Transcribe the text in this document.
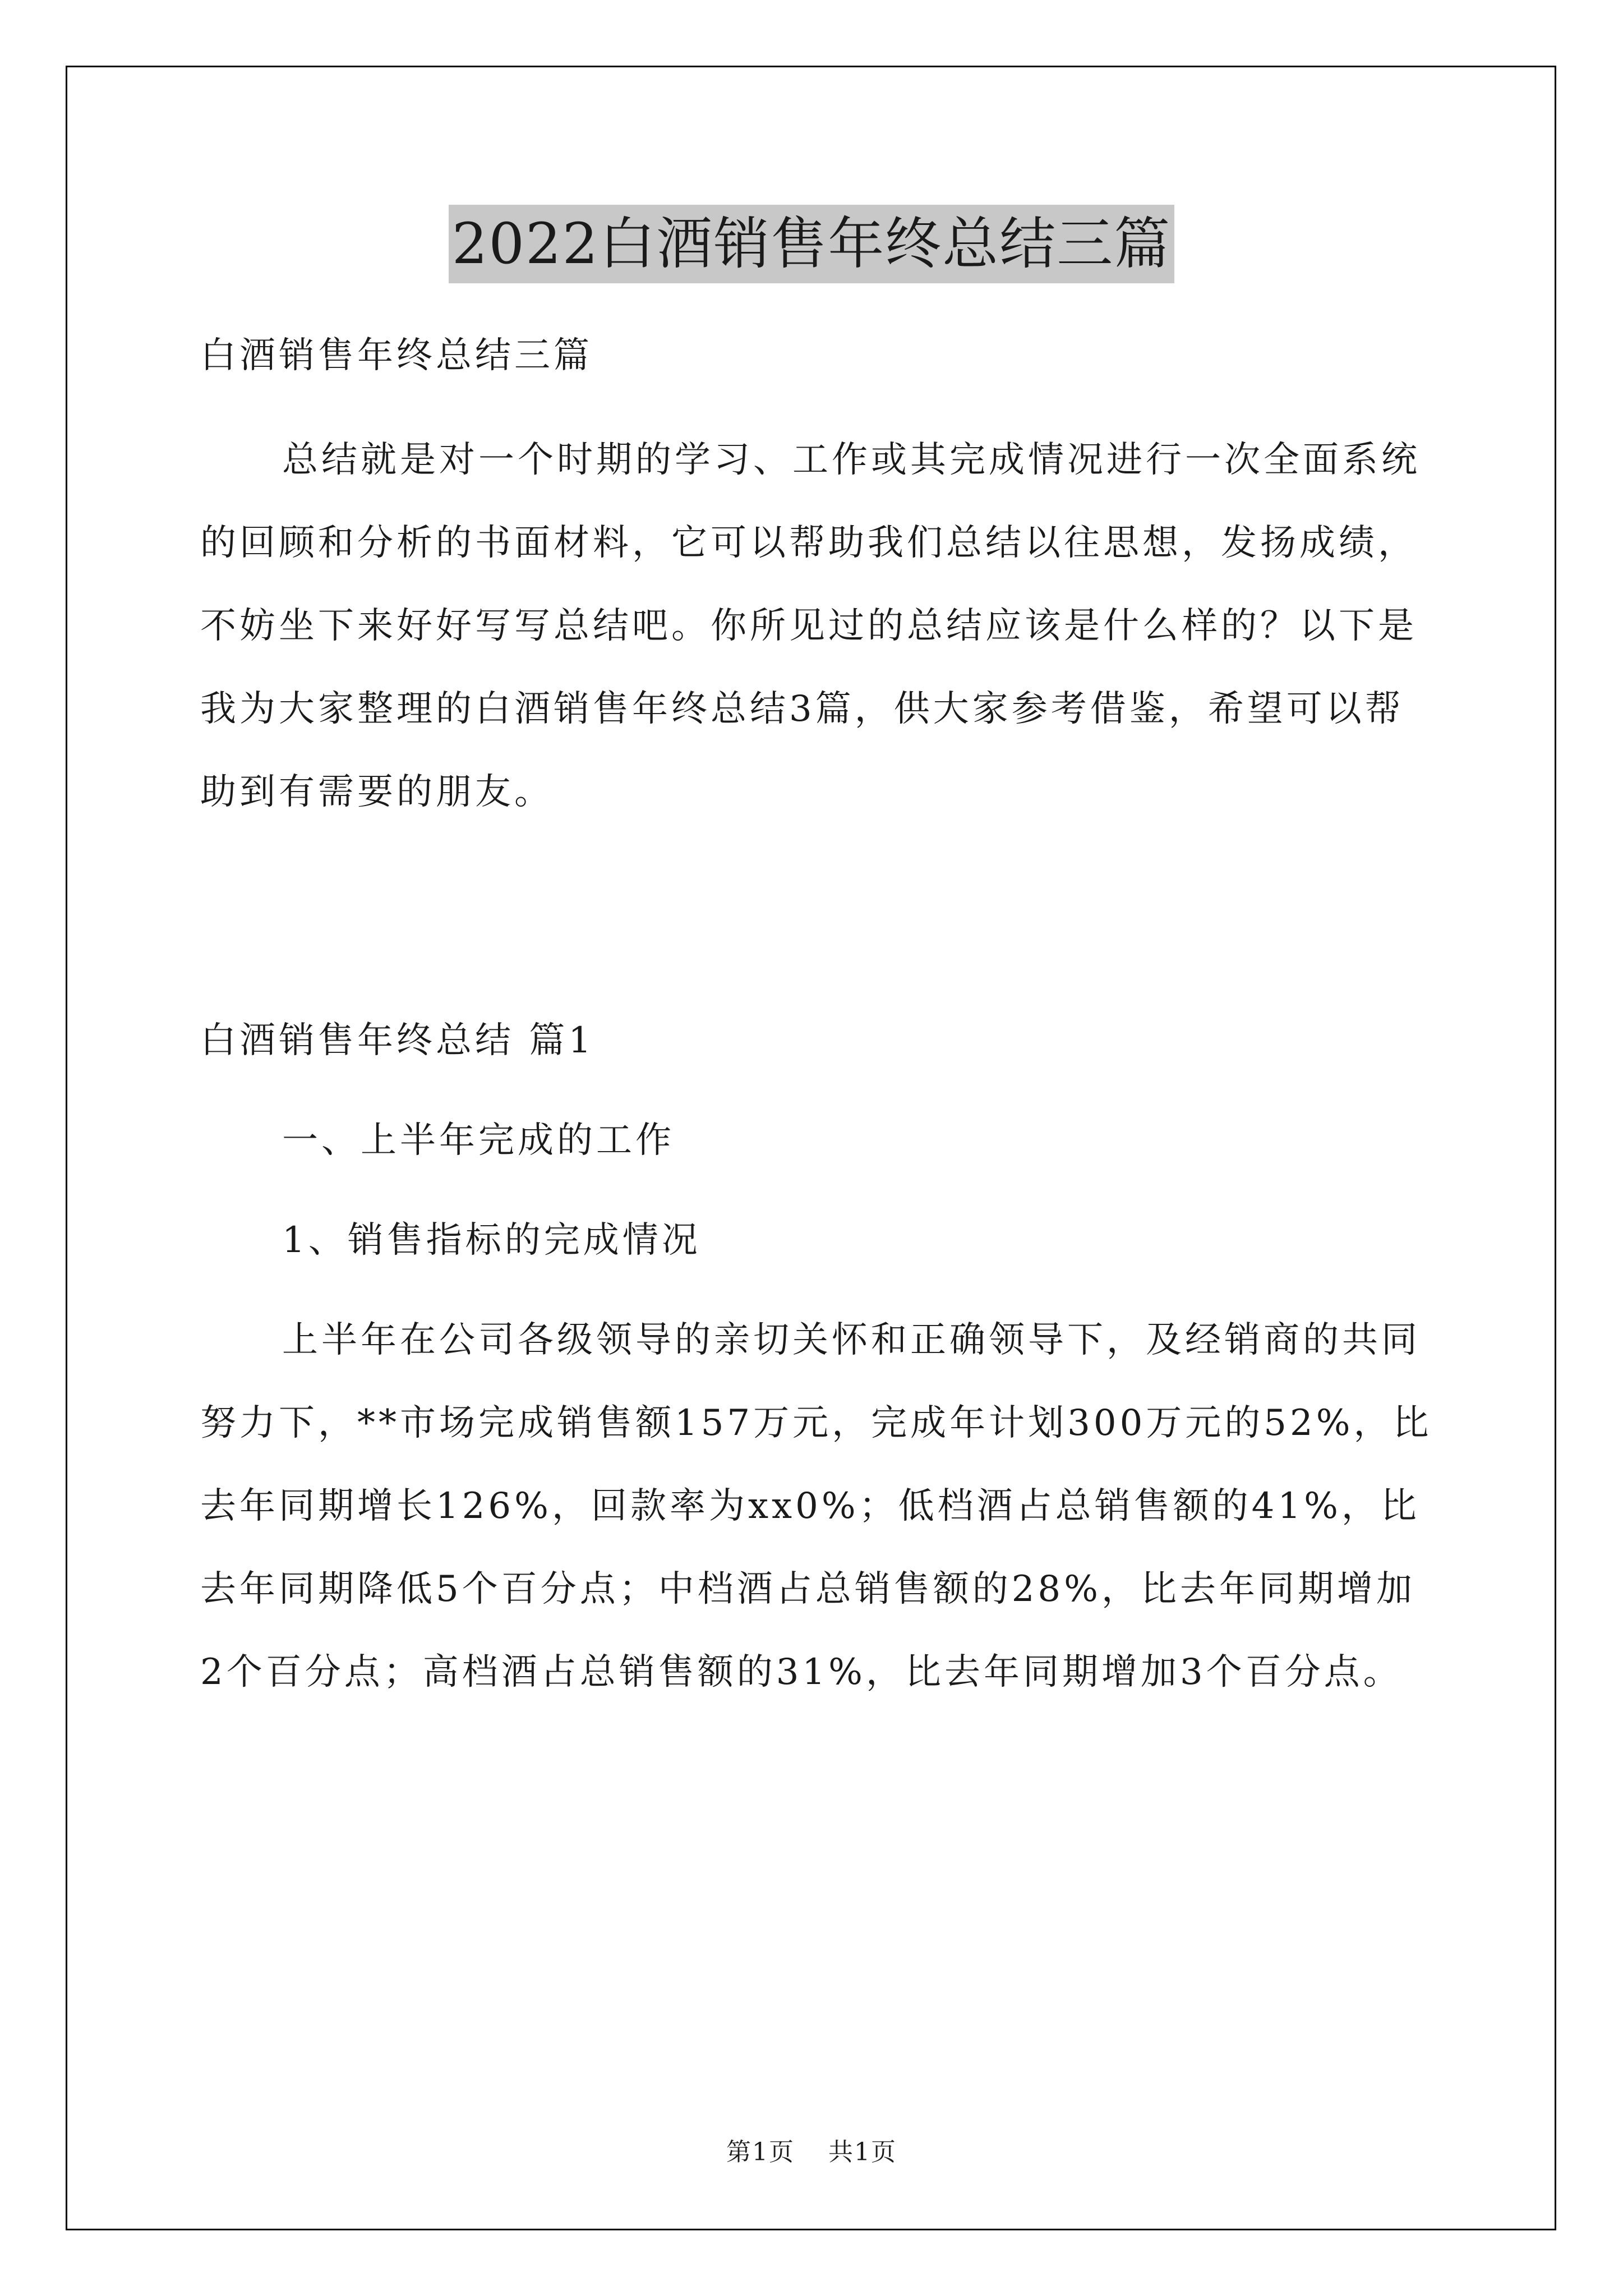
2022白酒销售年终总结三篇

白酒销售年终总结三篇

总结就是对一个时期的学习、工作或其完成情况进行一次全面系统的回顾和分析的书面材料，它可以帮助我们总结以往思想，发扬成绩，不妨坐下来好好写写总结吧。你所见过的总结应该是什么样的？以下是我为大家整理的白酒销售年终总结3篇，供大家参考借鉴，希望可以帮助到有需要的朋友。

白酒销售年终总结 篇1

一、上半年完成的工作

1、销售指标的完成情况

上半年在公司各级领导的亲切关怀和正确领导下，及经销商的共同努力下，**市场完成销售额157万元，完成年计划300万元的52%，比去年同期增长126%，回款率为xx0%；低档酒占总销售额的41%，比去年同期降低5个百分点；中档酒占总销售额的28%，比去年同期增加2个百分点；高档酒占总销售额的31%，比去年同期增加3个百分点。

第1页 共1页
